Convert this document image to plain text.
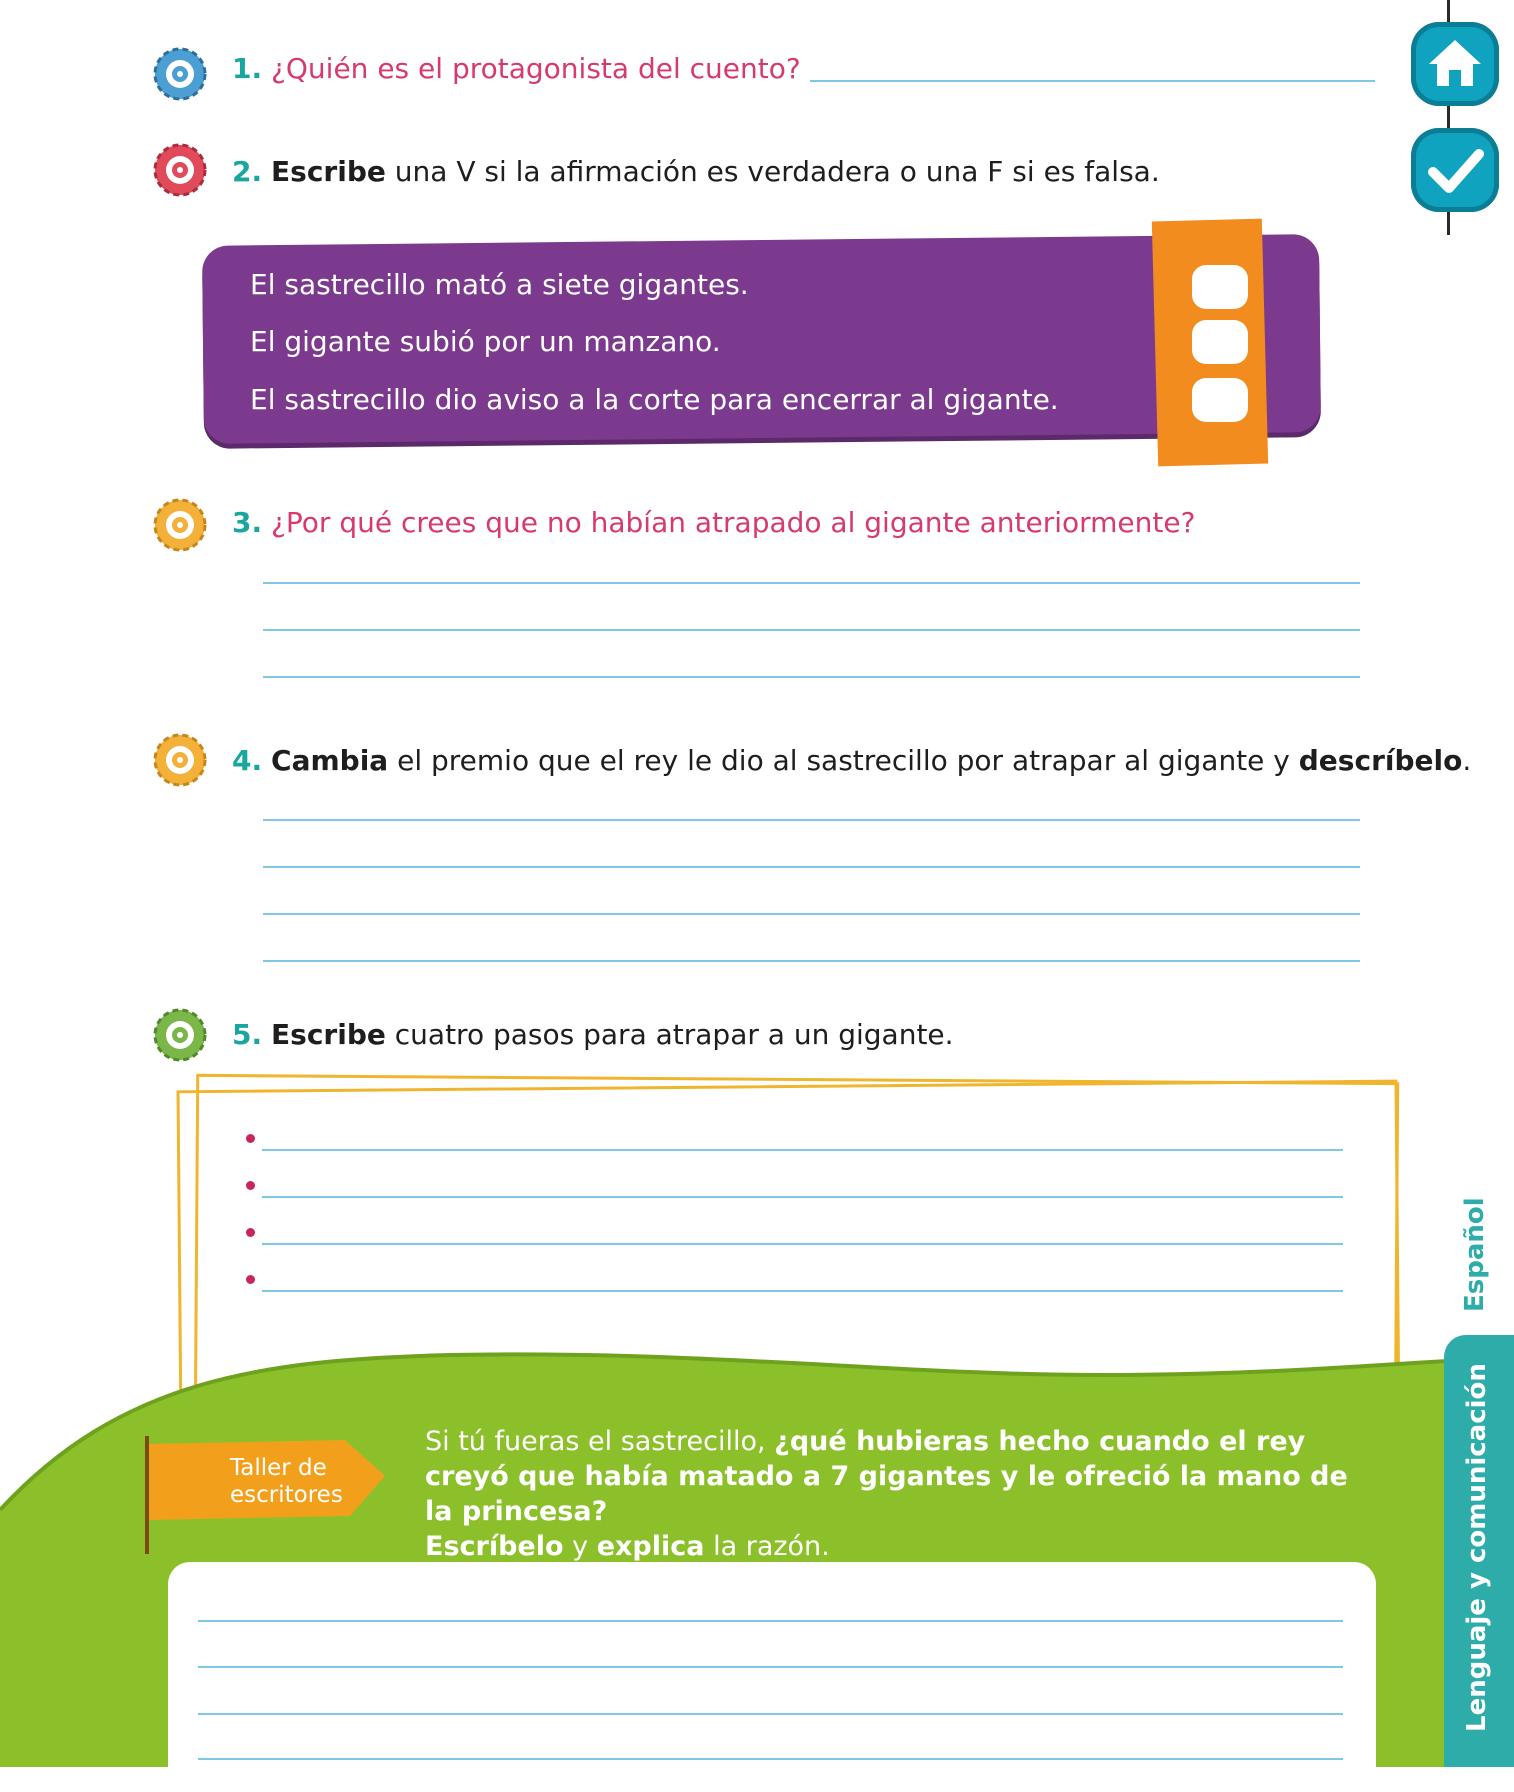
1. ¿Quién es el protagonista del cuento?
2. Escribe una V si la afirmación es verdadera o una F si es falsa.
El sastrecillo mató a siete gigantes.
El gigante subió por un manzano.
El sastrecillo dio aviso a la corte para encerrar al gigante.
3. ¿Por qué crees que no habían atrapado al gigante anteriormente?
4. Cambia el premio que el rey le dio al sastrecillo por atrapar al gigante y descríbelo.
5. Escribe cuatro pasos para atrapar a un gigante.
Taller de
escritores
Si tú fueras el sastrecillo, ¿qué hubieras hecho cuando el rey creyó que había matado a 7 gigantes y le ofreció la mano de la princesa?
Escríbelo y explica la razón.
Español
Lenguaje y comunicación
